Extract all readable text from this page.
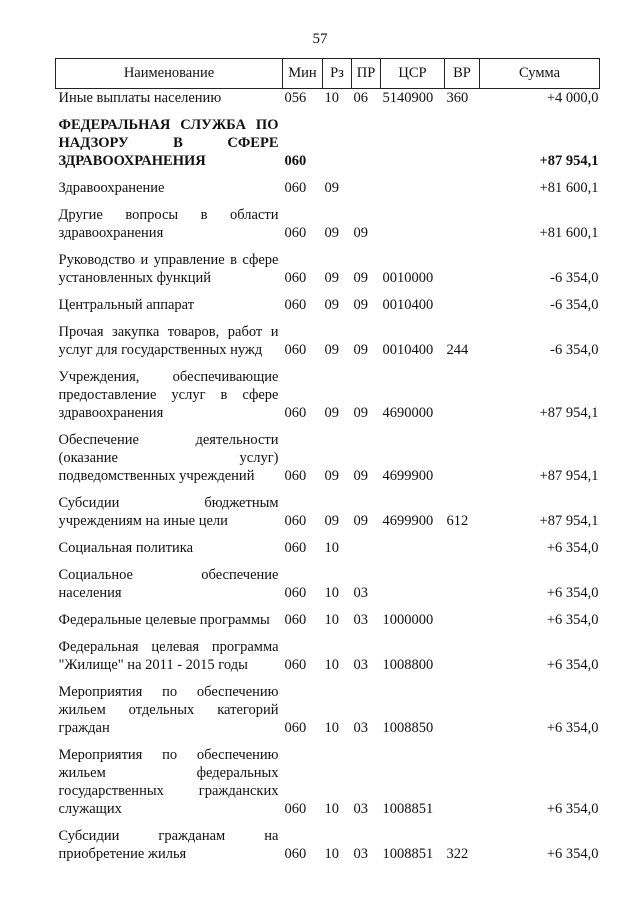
57
Наименование	Мин	Рз	ПР	ЦСР	ВР	Сумма
Иные выплаты населению	056	10	06	5140900	360	+4 000,0

ФЕДЕРАЛЬНАЯ СЛУЖБА ПО НАДЗОРУ В СФЕРЕ ЗДРАВООХРАНЕНИЯ	060					+87 954,1

Здравоохранение	060	09				+81 600,1

Другие вопросы в области здравоохранения	060	09	09			+81 600,1

Руководство и управление в сфере установленных функций	060	09	09	0010000		-6 354,0

Центральный аппарат	060	09	09	0010400		-6 354,0

Прочая закупка товаров, работ и услуг для государственных нужд	060	09	09	0010400	244	-6 354,0

Учреждения, обеспечивающие предоставление услуг в сфере здравоохранения	060	09	09	4690000		+87 954,1

Обеспечение деятельности (оказание услуг) подведомственных учреждений	060	09	09	4699900		+87 954,1

Субсидии бюджетным учреждениям на иные цели	060	09	09	4699900	612	+87 954,1

Социальная политика	060	10				+6 354,0

Социальное обеспечение населения	060	10	03			+6 354,0

Федеральные целевые программы	060	10	03	1000000		+6 354,0

Федеральная целевая программа "Жилище" на 2011 - 2015 годы	060	10	03	1008800		+6 354,0

Мероприятия по обеспечению жильем отдельных категорий граждан	060	10	03	1008850		+6 354,0

Мероприятия по обеспечению жильем федеральных государственных гражданских служащих	060	10	03	1008851		+6 354,0

Субсидии гражданам на приобретение жилья	060	10	03	1008851	322	+6 354,0
